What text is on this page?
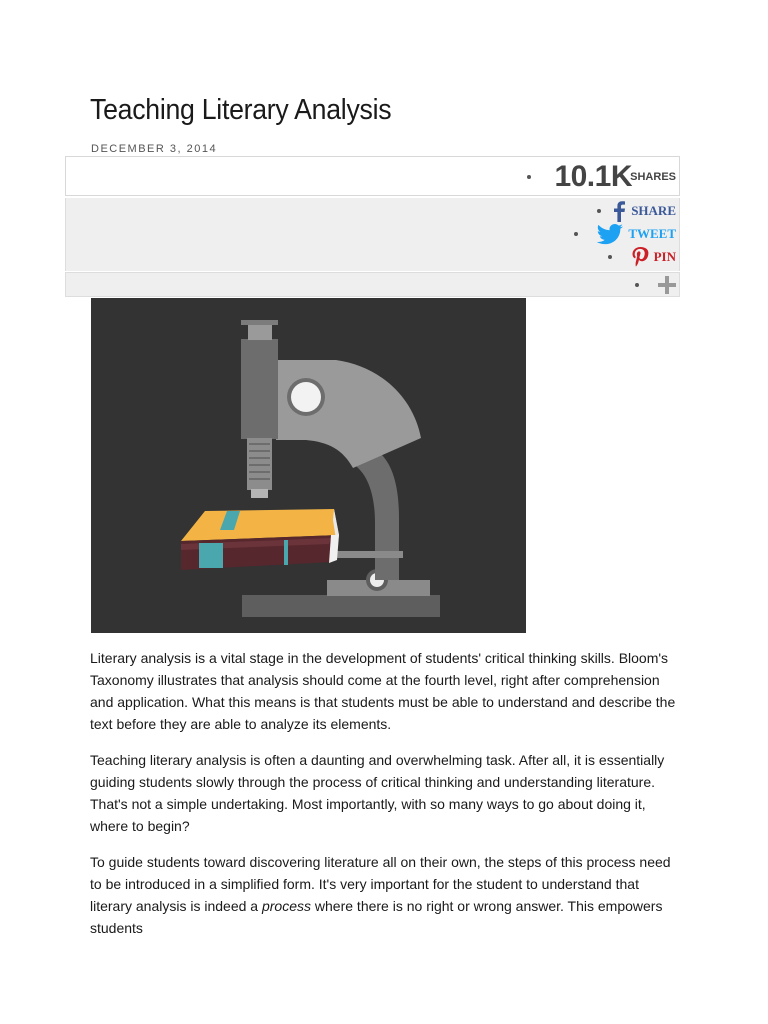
Teaching Literary Analysis
DECEMBER 3, 2014
10.1K
SHARES
SHARE
TWEET
PIN

Literary analysis is a vital stage in the development of students' critical thinking skills. Bloom's Taxonomy illustrates that analysis should come at the fourth level, right after comprehension and application. What this means is that students must be able to understand and describe the text before they are able to analyze its elements.

Teaching literary analysis is often a daunting and overwhelming task. After all, it is essentially guiding students slowly through the process of critical thinking and understanding literature. That's not a simple undertaking. Most importantly, with so many ways to go about doing it, where to begin?

To guide students toward discovering literature all on their own, the steps of this process need to be introduced in a simplified form. It's very important for the student to understand that literary analysis is indeed a process where there is no right or wrong answer. This empowers students
